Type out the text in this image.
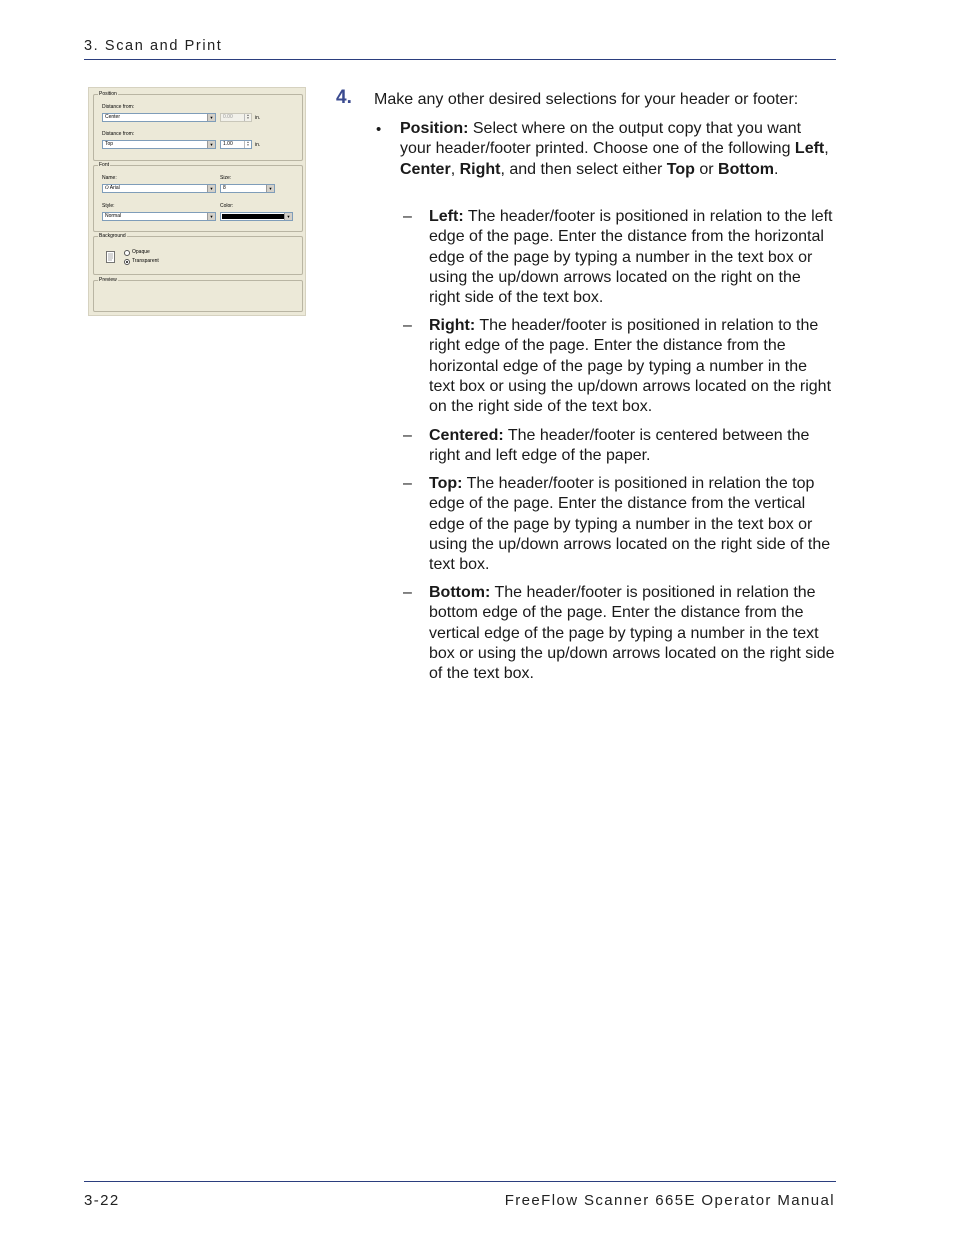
3. Scan and Print
Position
Distance from:
Center	▼	0.00	▲
▼	in.
Distance from:
Top	▼	1.00	▲
▼	in.
Font
Name:
O Arial	▼
Size:
8	▼
Style:
Normal	▼
Color:
▼
Background
Opaque
Transparent
Preview
4. Make any other desired selections for your header or footer:
• Position: Select where on the output copy that you want your header/footer printed. Choose one of the following Left, Center, Right, and then select either Top or Bottom.
– Left: The header/footer is positioned in relation to the left edge of the page. Enter the distance from the horizontal edge of the page by typing a number in the text box or using the up/down arrows located on the right on the right side of the text box.
– Right: The header/footer is positioned in relation to the right edge of the page. Enter the distance from the horizontal edge of the page by typing a number in the text box or using the up/down arrows located on the right on the right side of the text box.
– Centered: The header/footer is centered between the right and left edge of the paper.
– Top: The header/footer is positioned in relation the top edge of the page. Enter the distance from the vertical edge of the page by typing a number in the text box or using the up/down arrows located on the right side of the text box.
– Bottom: The header/footer is positioned in relation the bottom edge of the page. Enter the distance from the vertical edge of the page by typing a number in the text box or using the up/down arrows located on the right side of the text box.
3-22	FreeFlow Scanner 665E Operator Manual
